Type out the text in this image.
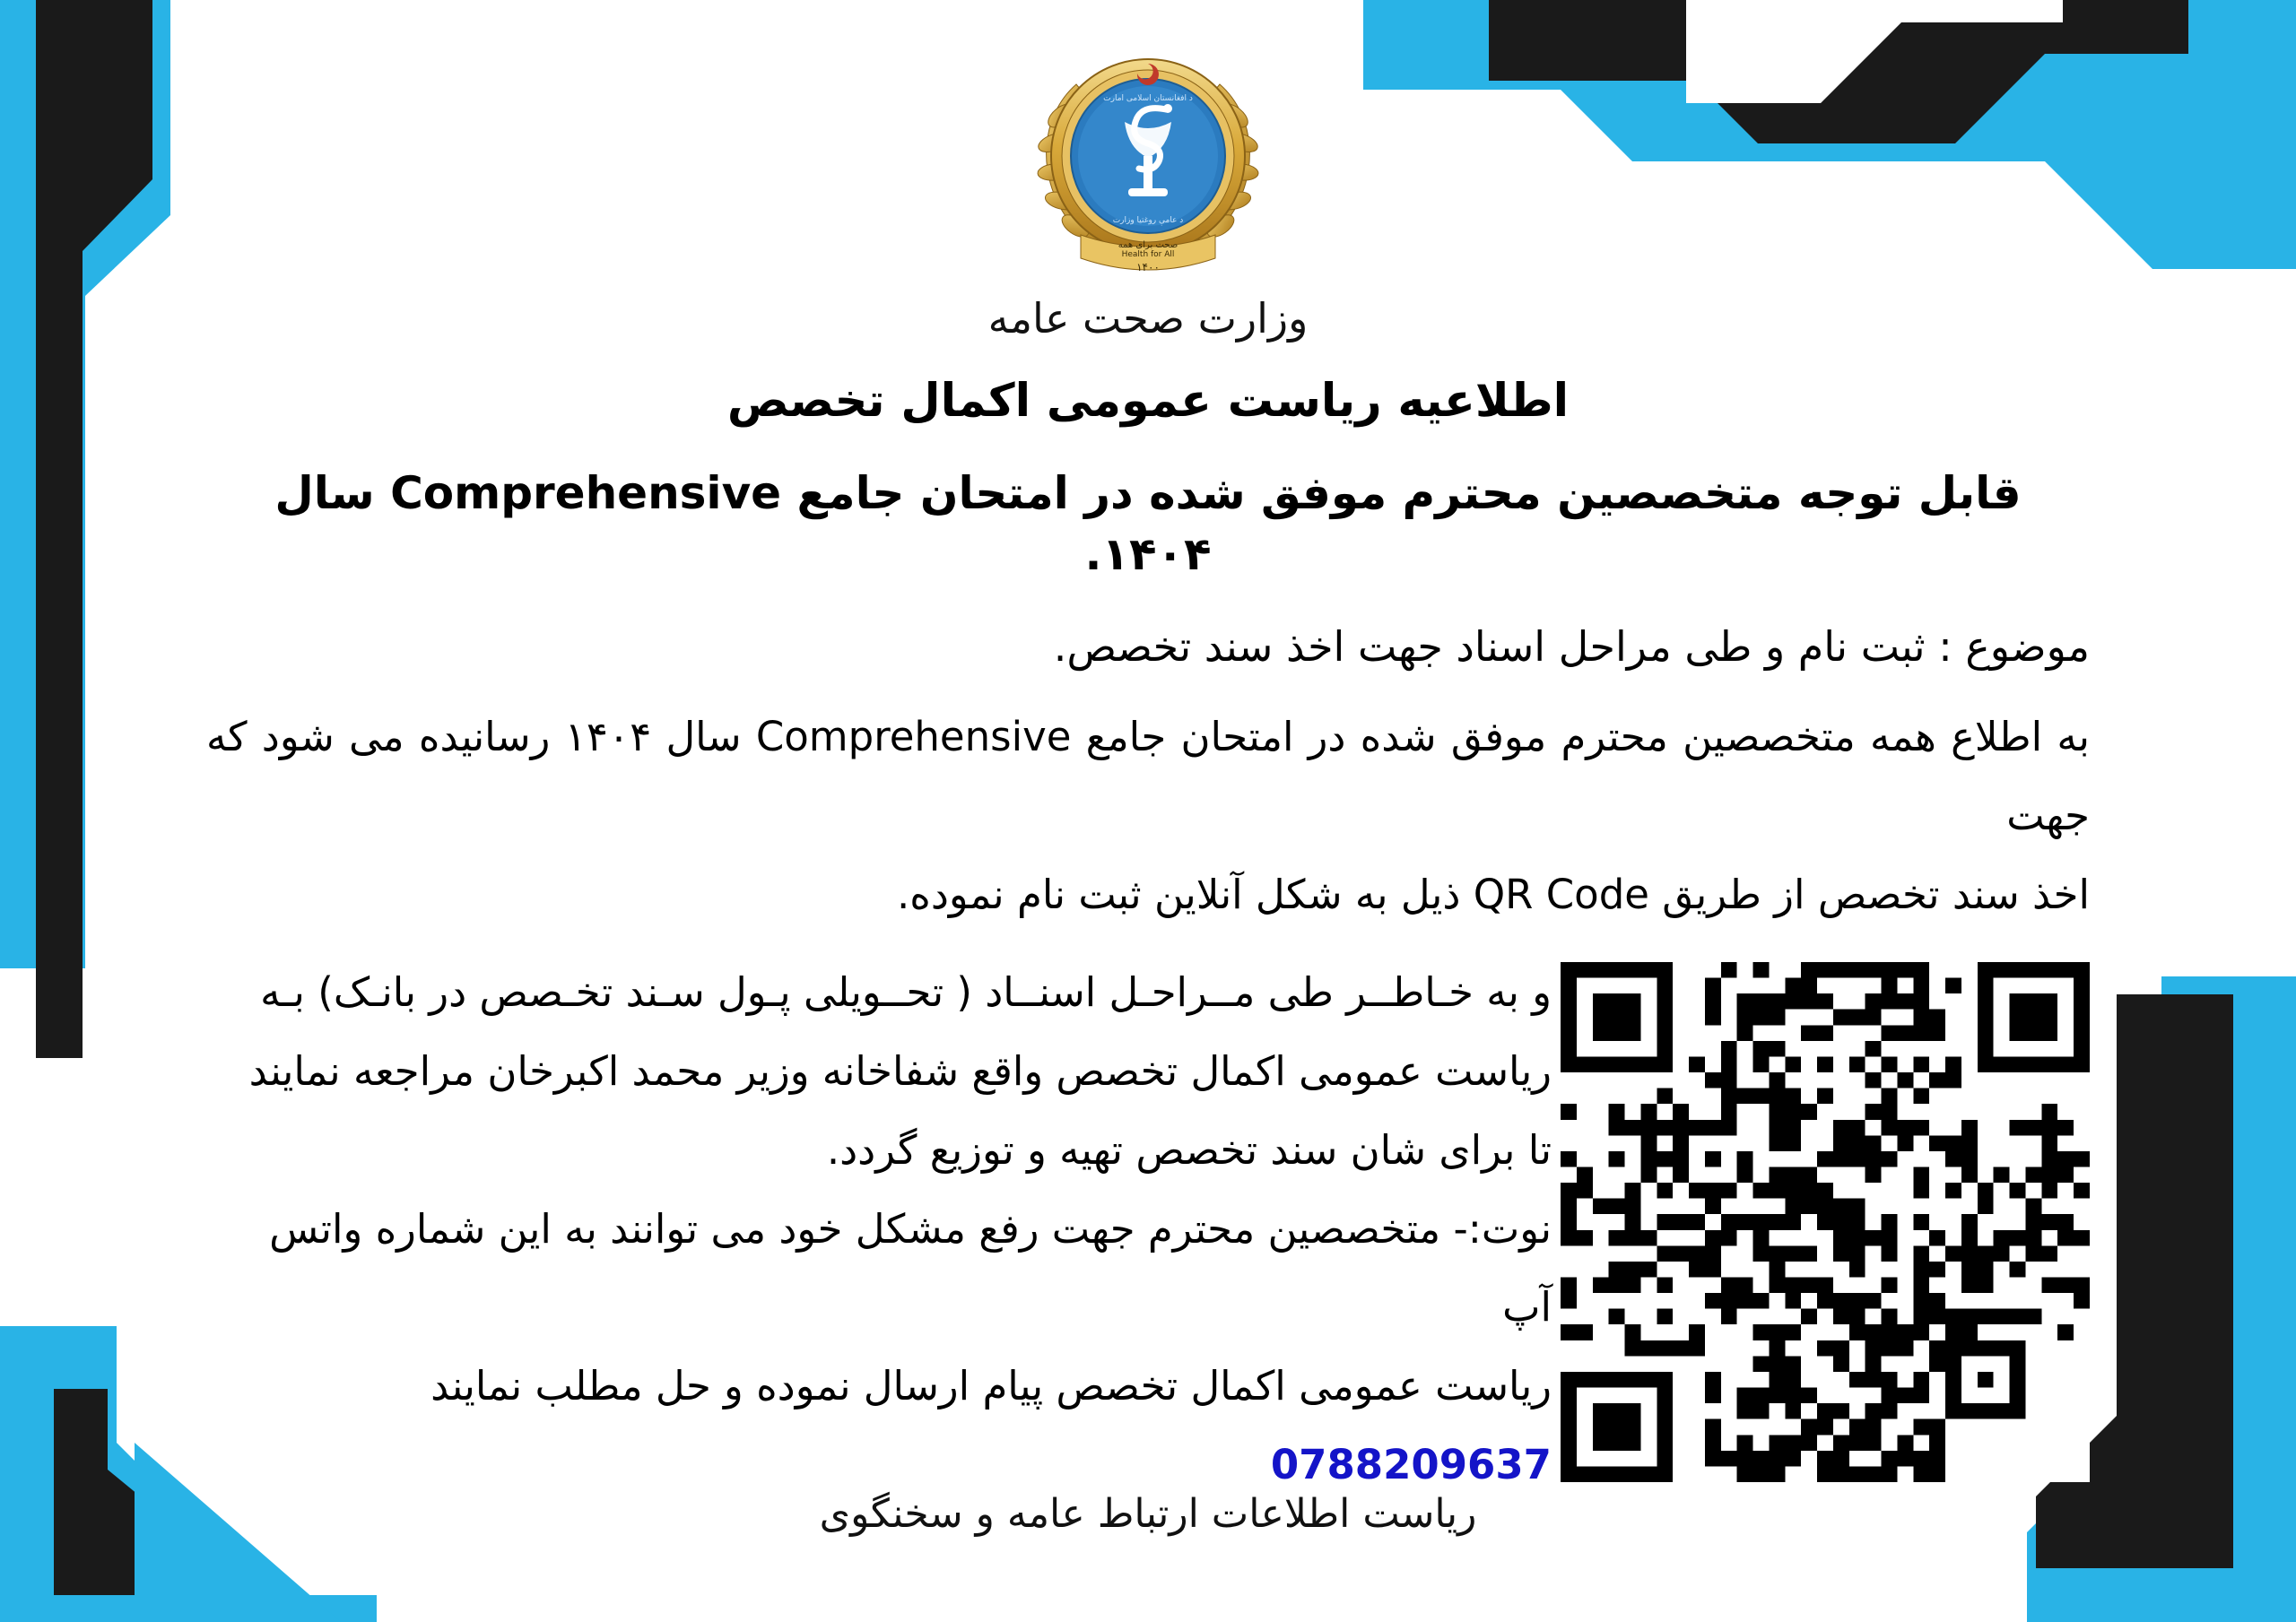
د افغانستان اسلامی امارت
د عامې روغتیا وزارت
صحت برای همه
Health for All
۱۴۰۰
وزارت صحت عامه
اطلاعیه ریاست عمومی اکمال تخصص
قابل توجه متخصصین محترم موفق شده در امتحان جامع Comprehensive سال ۱۴۰۴.
موضوع : ثبت نام و طی مراحل اسناد جهت اخذ سند تخصص.
به اطلاع همه متخصصین محترم موفق شده در امتحان جامع Comprehensive سال ۱۴۰۴ رسانیده می شود که جهت
اخذ سند تخصص از طریق QR Code ذیل به شکل آنلاین ثبت نام نموده.
و به خـاطــر طی مــراحـل اسنــاد ( تحــویلی پـول سـند تخـصص در بانـک) بـه
ریاست عمومی اکمال تخصص واقع شفاخانه وزیر محمد اکبرخان مراجعه نمایند
تا برای شان سند تخصص تهیه و توزیع گردد.
نوت:- متخصصین محترم جهت رفع مشکل خود می توانند به این شماره واتس آپ
ریاست عمومی اکمال تخصص پیام ارسال نموده و حل مطلب نمایند 0788209637
ریاست اطلاعات ارتباط عامه و سخنگوی
